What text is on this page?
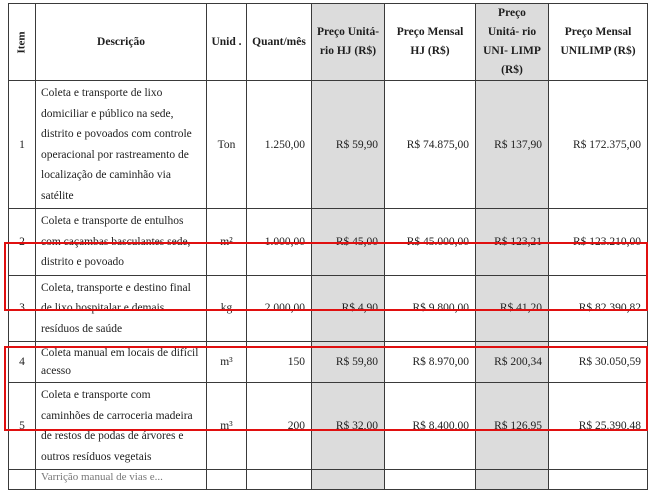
Item	Descrição	Unid .	Quant/mês	Preço Unitá- rio HJ (R$)	Preço Mensal HJ (R$)	Preço Unitá- rio UNI- LIMP (R$)	Preço Mensal UNILIMP (R$)
1	Coleta e transporte de lixo domiciliar e público na sede, distrito e povoados com controle operacional por rastreamento de localização de caminhão via satélite	Ton	1.250,00	R$ 59,90	R$ 74.875,00	R$ 137,90	R$ 172.375,00
2	Coleta e transporte de entulhos com caçambas basculantes sede, distrito e povoado	m²	1.000,00	R$ 45,00	R$ 45.000,00	R$ 123,21	R$ 123.210,00
3	Coleta, transporte e destino final de lixo hospitalar e demais resíduos de saúde	kg	2.000,00	R$ 4,90	R$ 9.800,00	R$ 41,20	R$ 82.390,82
4	Coleta manual em locais de difícil acesso	m³	150	R$ 59,80	R$ 8.970,00	R$ 200,34	R$ 30.050,59
5	Coleta e transporte com caminhões de carroceria madeira de restos de podas de árvores e outros resíduos vegetais	m³	200	R$ 32,00	R$ 8.400,00	R$ 126,95	R$ 25.390,48
	Varrição manual de vias e...						
